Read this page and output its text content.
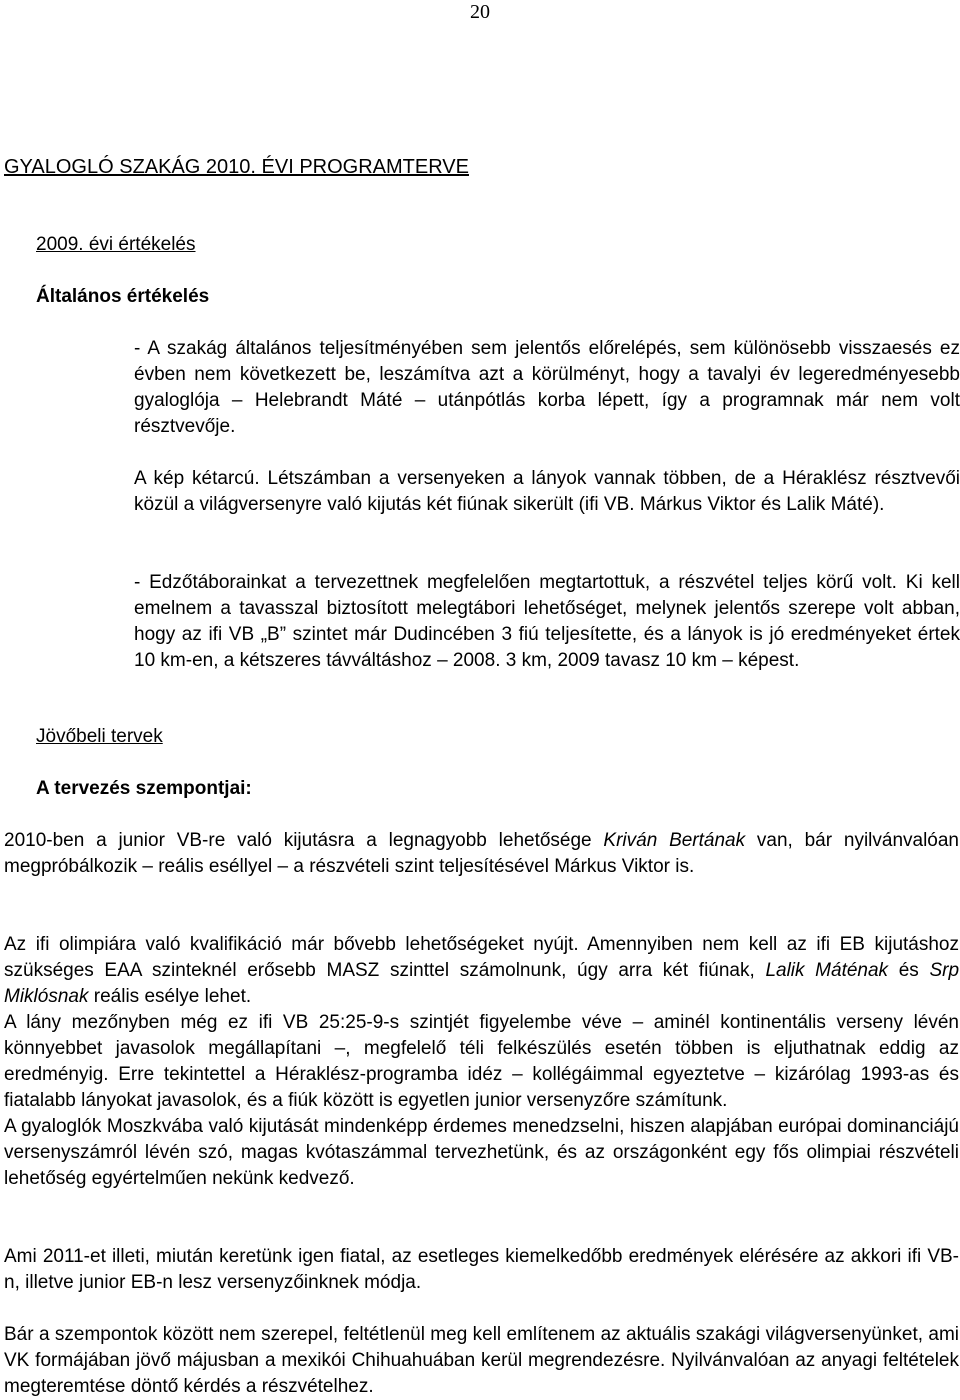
20
GYALOGLÓ SZAKÁG 2010. ÉVI PROGRAMTERVE
2009. évi értékelés
Általános értékelés
- A szakág általános teljesítményében sem jelentős előrelépés, sem különösebb visszaesés ez évben nem következett be, leszámítva azt a körülményt, hogy a tavalyi év legeredményesebb gyaloglója – Helebrandt Máté – utánpótlás korba lépett, így a programnak már nem volt résztvevője.
A kép kétarcú. Létszámban a versenyeken a lányok vannak többen, de a Héraklész résztvevői közül a világversenyre való kijutás két fiúnak sikerült (ifi VB. Márkus Viktor és Lalik Máté).
- Edzőtáborainkat a tervezettnek megfelelően megtartottuk, a részvétel teljes körű volt. Ki kell emelnem a tavasszal biztosított melegtábori lehetőséget, melynek jelentős szerepe volt abban, hogy az ifi VB „B” szintet már Dudincében 3 fiú teljesítette, és a lányok is jó eredményeket értek 10 km-en, a kétszeres távváltáshoz – 2008. 3 km, 2009 tavasz 10 km – képest.
Jövőbeli tervek
A tervezés szempontjai:
2010-ben a junior VB-re való kijutásra a legnagyobb lehetősége Kriván Bertának van, bár nyilvánvalóan megpróbálkozik – reális eséllyel – a részvételi szint teljesítésével Márkus Viktor is.
Az ifi olimpiára való kvalifikáció már bővebb lehetőségeket nyújt. Amennyiben nem kell az ifi EB kijutáshoz szükséges EAA szinteknél erősebb MASZ szinttel számolnunk, úgy arra két fiúnak, Lalik Máténak és Srp Miklósnak reális esélye lehet.
A lány mezőnyben még ez ifi VB 25:25-9-s szintjét figyelembe véve – aminél kontinentális verseny lévén könnyebbet javasolok megállapítani –, megfelelő téli felkészülés esetén többen is eljuthatnak eddig az eredményig. Erre tekintettel a Héraklész-programba idéz – kollégáimmal egyeztetve – kizárólag 1993-as és fiatalabb lányokat javasolok, és a fiúk között is egyetlen junior versenyzőre számítunk.
A gyaloglók Moszkvába való kijutását mindenképp érdemes menedzselni, hiszen alapjában európai dominanciájú versenyszámról lévén szó, magas kvótaszámmal tervezhetünk, és az országonként egy fős olimpiai részvételi lehetőség egyértelműen nekünk kedvező.
Ami 2011-et illeti, miután keretünk igen fiatal, az esetleges kiemelkedőbb eredmények elérésére az akkori ifi VB-n, illetve junior EB-n lesz versenyzőinknek módja.
Bár a szempontok között nem szerepel, feltétlenül meg kell említenem az aktuális szakági világversenyünket, ami VK formájában jövő májusban a mexikói Chihuahuában kerül megrendezésre. Nyilvánvalóan az anyagi feltételek megteremtése döntő kérdés a részvételhez.
